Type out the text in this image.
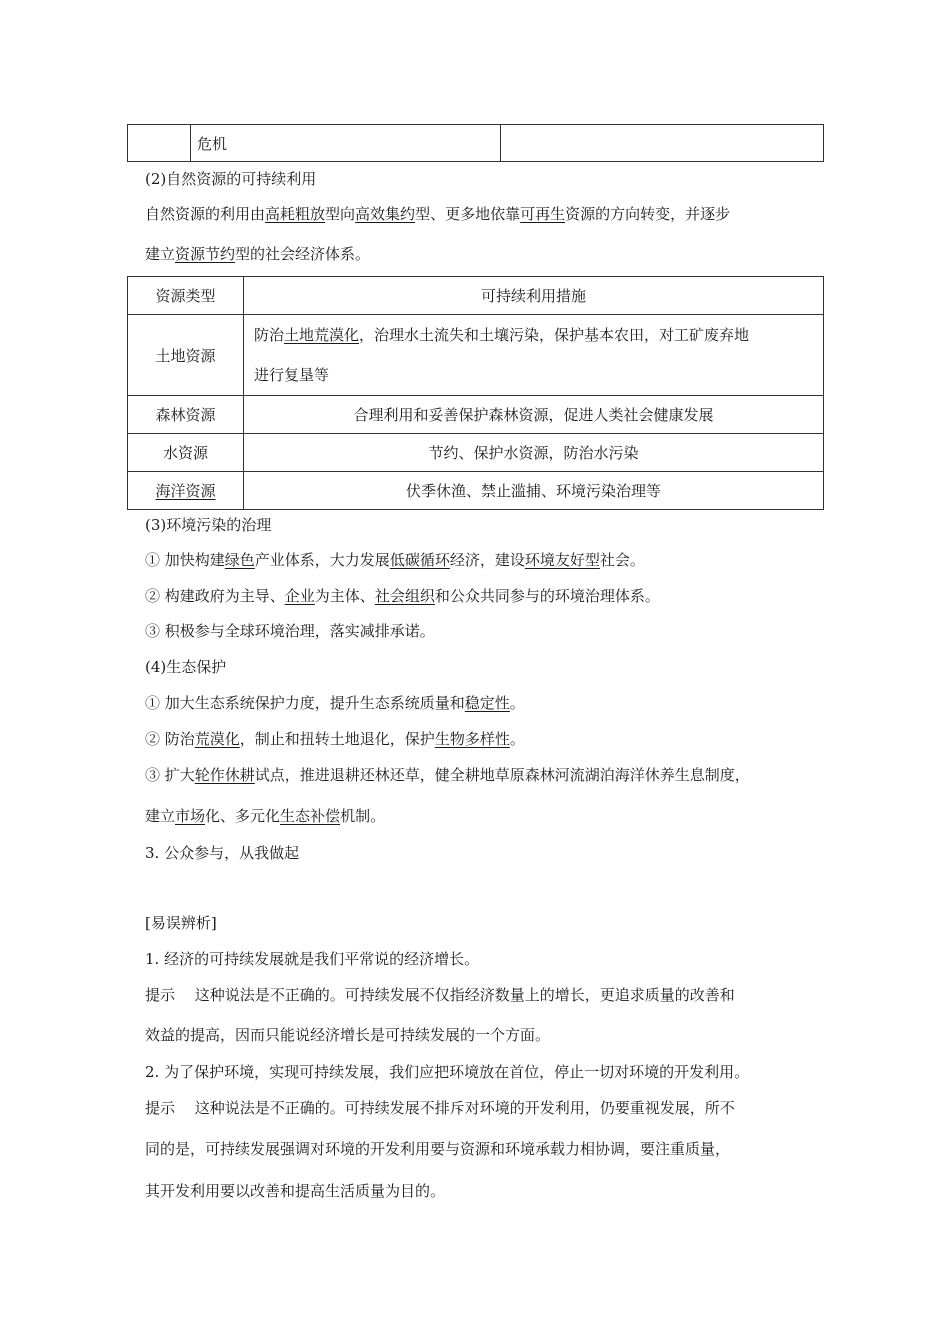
	危机	
(2)自然资源的可持续利用
自然资源的利用由高耗粗放型向高效集约型、更多地依靠可再生资源的方向转变，并逐步
建立资源节约型的社会经济体系。
资源类型	可持续利用措施
土地资源	防治土地荒漠化，治理水土流失和土壤污染，保护基本农田，对工矿废弃地
进行复垦等
森林资源	合理利用和妥善保护森林资源，促进人类社会健康发展
水资源	节约、保护水资源，防治水污染
海洋资源	伏季休渔、禁止滥捕、环境污染治理等
(3)环境污染的治理
① 加快构建绿色产业体系，大力发展低碳循环经济，建设环境友好型社会。
② 构建政府为主导、企业为主体、社会组织和公众共同参与的环境治理体系。
③ 积极参与全球环境治理，落实减排承诺。
(4)生态保护
① 加大生态系统保护力度，提升生态系统质量和稳定性。
② 防治荒漠化，制止和扭转土地退化，保护生物多样性。
③ 扩大轮作休耕试点，推进退耕还林还草，健全耕地草原森林河流湖泊海洋休养生息制度，
建立市场化、多元化生态补偿机制。
3. 公众参与，从我做起
[易误辨析]
1. 经济的可持续发展就是我们平常说的经济增长。
提示　 这种说法是不正确的。可持续发展不仅指经济数量上的增长，更追求质量的改善和
效益的提高，因而只能说经济增长是可持续发展的一个方面。
2. 为了保护环境，实现可持续发展，我们应把环境放在首位，停止一切对环境的开发利用。
提示　 这种说法是不正确的。可持续发展不排斥对环境的开发利用，仍要重视发展，所不
同的是，可持续发展强调对环境的开发利用要与资源和环境承载力相协调，要注重质量，
其开发利用要以改善和提高生活质量为目的。
